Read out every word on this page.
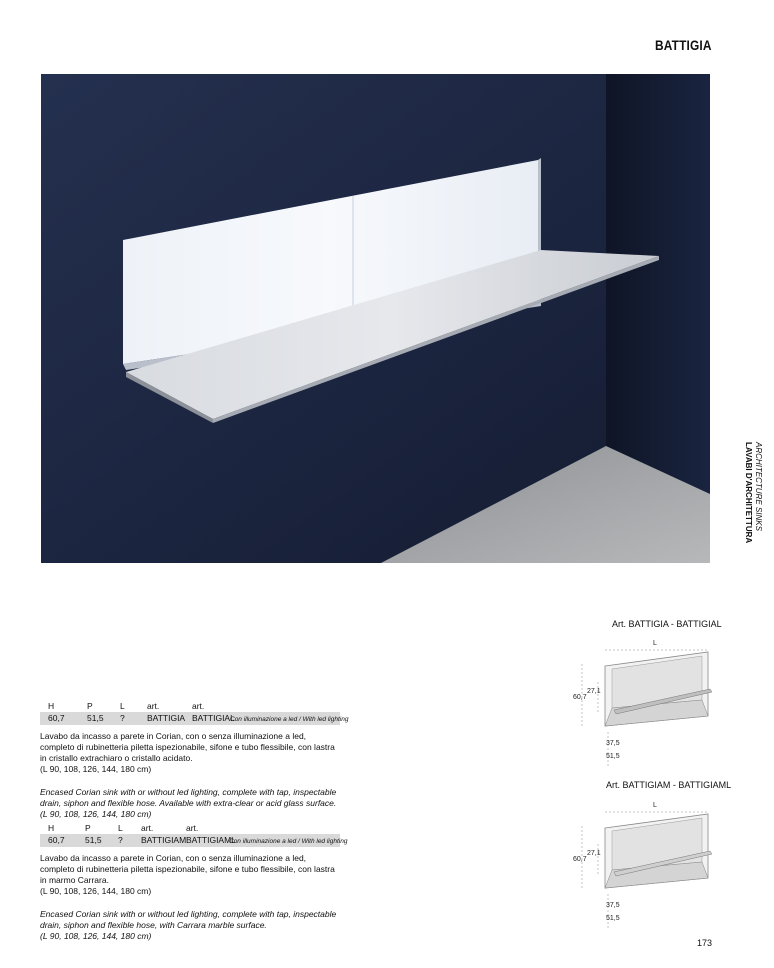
BATTIGIA
LAVABI D'ARCHITETTURA ARCHITECTURE SINKS
H	P	L	art.	art.
60,7	51,5 ?	BATTIGIA BATTIGIAL
Con illuminazione a led / With led lighting

Lavabo da incasso a parete in Corian, con o senza illuminazione a led, completo di rubinetteria piletta ispezionabile, sifone e tubo flessibile, con lastra in cristallo extrachiaro o cristallo acidato.
(L 90, 108, 126, 144, 180 cm)

Encased Corian sink with or without led lighting, complete with tap, inspectable drain, siphon and flexible hose. Available with extra-clear or acid glass surface.
(L 90, 108, 126, 144, 180 cm)

H	P	L art.	art.
60,7 51,5 ? BATTIGIAM BATTIGIAML
Con illuminazione a led / With led lighting

Lavabo da incasso a parete in Corian, con o senza illuminazione a led, completo di rubinetteria piletta ispezionabile, sifone e tubo flessibile, con lastra in marmo Carrara.
(L 90, 108, 126, 144, 180 cm)

Encased Corian sink with or without led lighting, complete with tap, inspectable drain, siphon and flexible hose, with Carrara marble surface.
(L 90, 108, 126, 144, 180 cm)

Art. BATTIGIA - BATTIGIAL
L
60,7
27,1
37,5
51,5
Art. BATTIGIAM - BATTIGIAML
L
60,7
27,1
37,5
51,5
173
